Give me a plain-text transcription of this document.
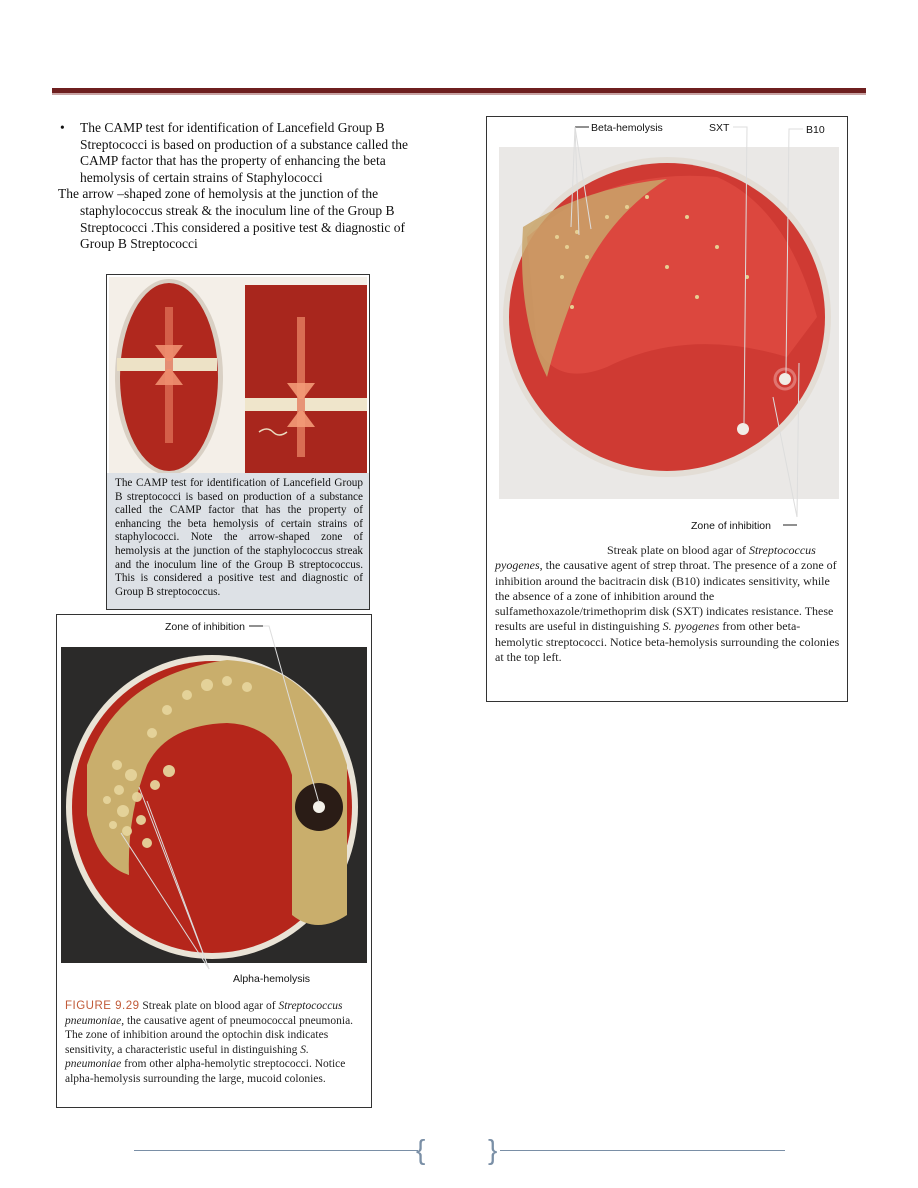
• The CAMP test for identification of Lancefield Group B Streptococci is based on production of a substance called the CAMP factor that has the property of enhancing the beta hemolysis of certain strains of Staphylococci
The arrow –shaped zone of hemolysis at the junction of the staphylococcus streak & the inoculum line of the Group B Streptococci .This considered a positive test & diagnostic of Group B Streptococci
The CAMP test for identification of Lancefield Group B streptococci is based on production of a substance called the CAMP factor that has the property of enhancing the beta hemolysis of certain strains of staphylococci. Note the arrow-shaped zone of hemolysis at the junction of the staphylococcus streak and the inoculum line of the Group B streptococcus. This is considered a positive test and diagnostic of Group B streptococcus.
Zone of inhibition
Alpha-hemolysis
FIGURE 9.29 Streak plate on blood agar of Streptococcus pneumoniae, the causative agent of pneumococcal pneumonia. The zone of inhibition around the optochin disk indicates sensitivity, a characteristic useful in distinguishing S. pneumoniae from other alpha-hemolytic streptococci. Notice alpha-hemolysis surrounding the large, mucoid colonies.
Beta-hemolysis	SXT	B10
Zone of inhibition
Streak plate on blood agar of Streptococcus pyogenes, the causative agent of strep throat. The presence of a zone of inhibition around the bacitracin disk (B10) indicates sensitivity, while the absence of a zone of inhibition around the sulfamethoxazole/trimethoprim disk (SXT) indicates resistance. These results are useful in distinguishing S. pyogenes from other beta-hemolytic streptococci. Notice beta-hemolysis surrounding the colonies at the top left.
{ }
